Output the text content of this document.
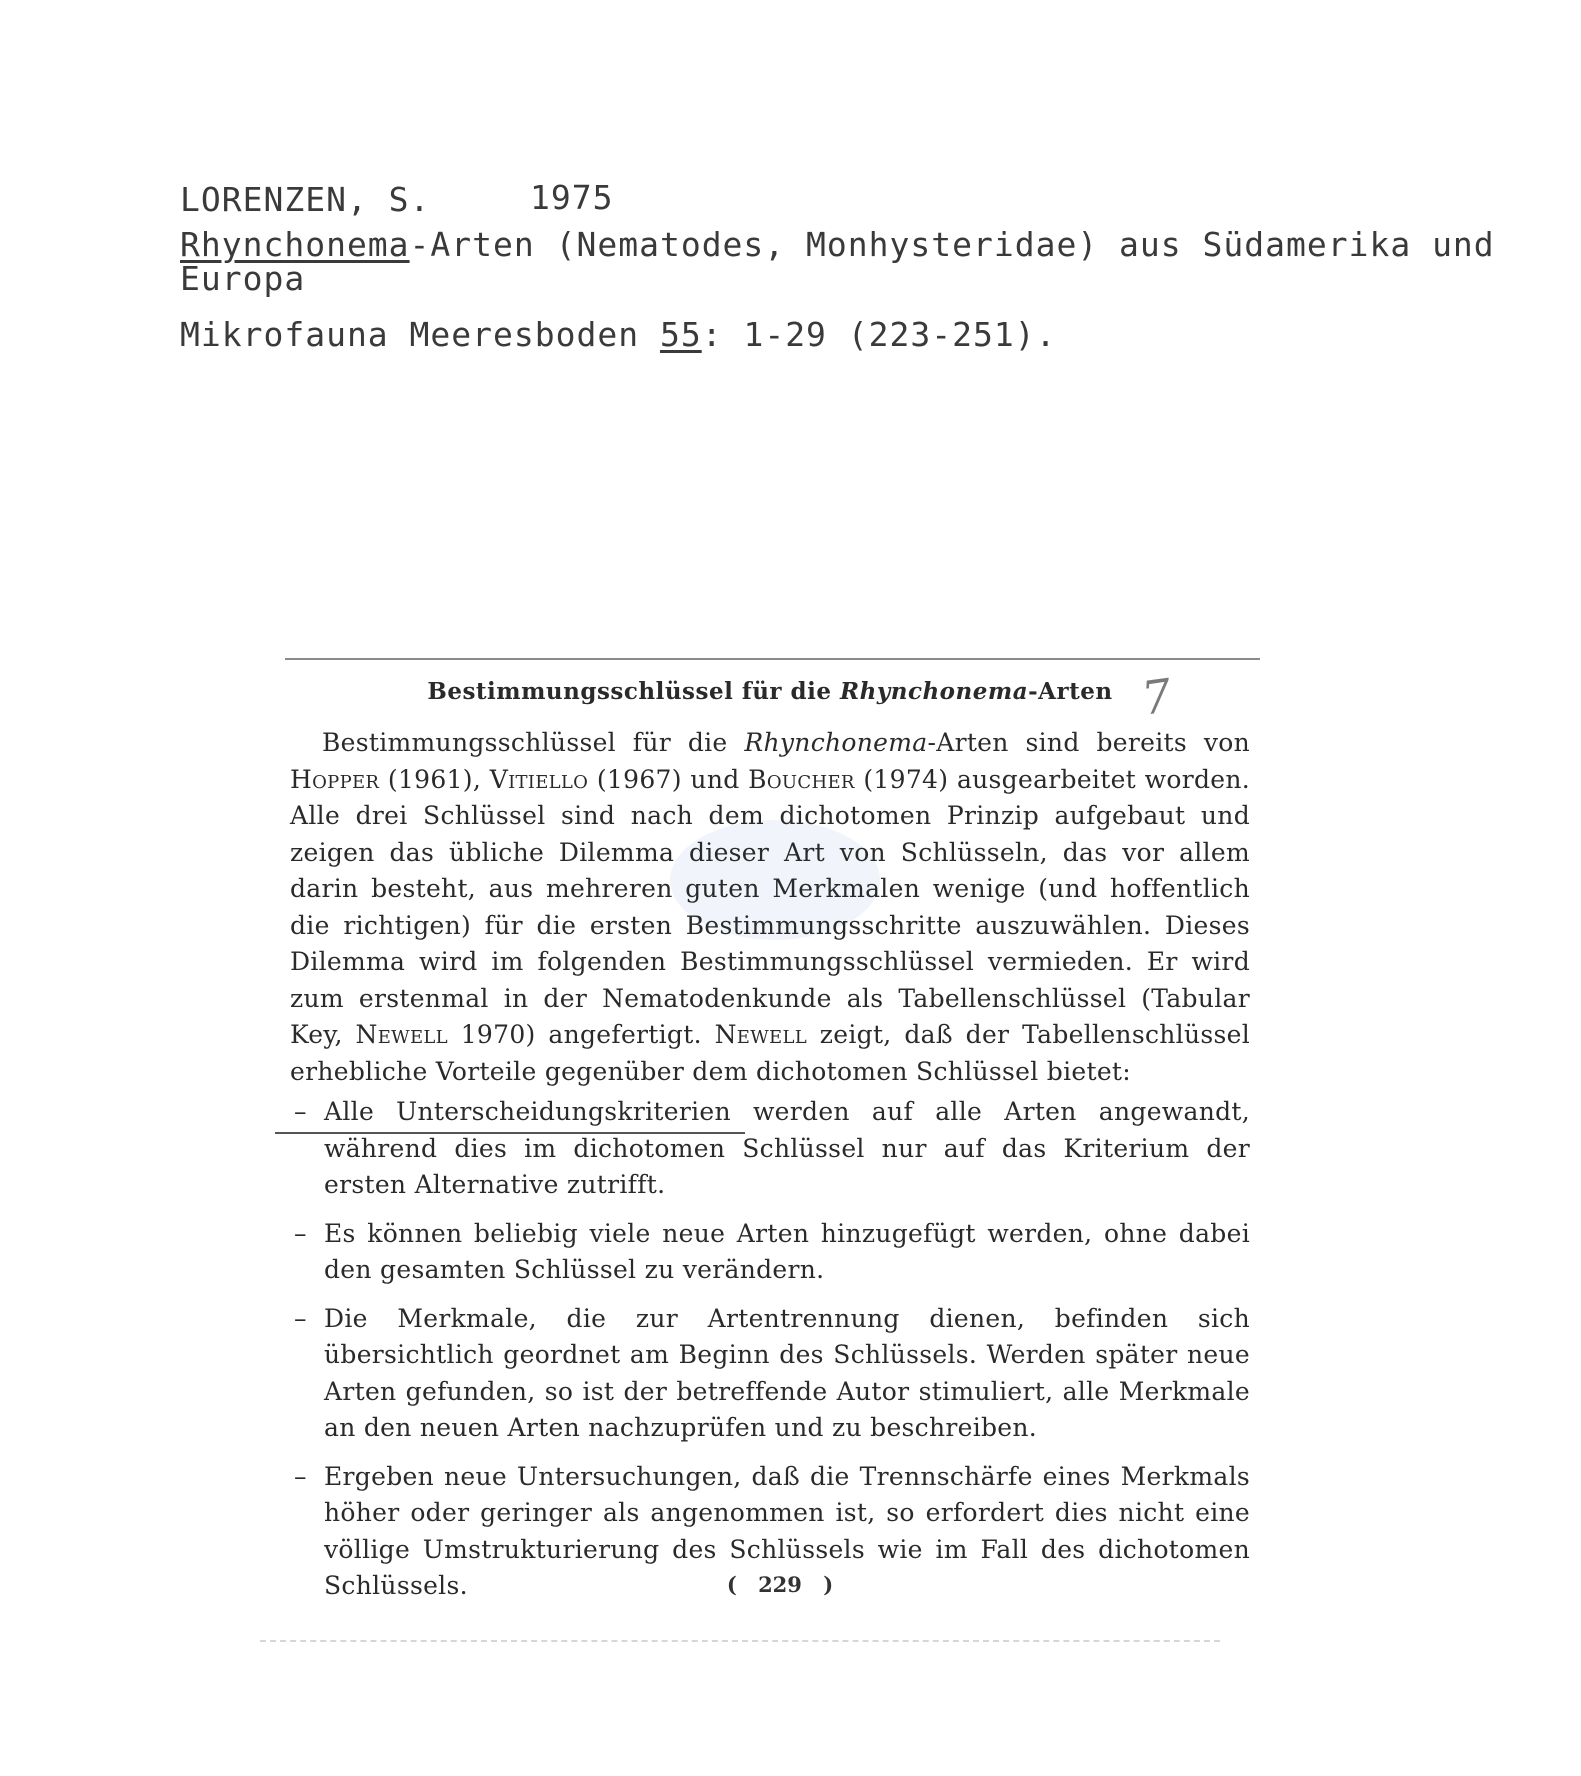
LORENZEN, S.	1975
Rhynchonema-Arten (Nematodes, Monhysteridae) aus Südamerika und Europa
Mikrofauna Meeresboden 55: 1-29 (223-251).
7
Bestimmungsschlüssel für die Rhynchonema-Arten

Bestimmungsschlüssel für die Rhynchonema-Arten sind bereits von Hopper (1961), Vitiello (1967) und Boucher (1974) ausgearbeitet worden. Alle drei Schlüssel sind nach dem dichotomen Prinzip aufgebaut und zeigen das übliche Dilemma dieser Art von Schlüsseln, das vor allem darin besteht, aus mehreren guten Merkmalen wenige (und hoffentlich die richtigen) für die ersten Bestimmungsschritte auszuwählen. Dieses Dilemma wird im folgenden Bestimmungsschlüssel vermieden. Er wird zum erstenmal in der Nematodenkunde als Tabellenschlüssel (Tabular Key, Newell 1970) angefertigt. Newell zeigt, daß der Tabellenschlüssel erhebliche Vorteile gegenüber dem dichotomen Schlüssel bietet:

– Alle Unterscheidungskriterien werden auf alle Arten angewandt, während dies im dichotomen Schlüssel nur auf das Kriterium der ersten Alternative zutrifft.
– Es können beliebig viele neue Arten hinzugefügt werden, ohne dabei den gesamten Schlüssel zu verändern.
– Die Merkmale, die zur Artentrennung dienen, befinden sich übersichtlich geordnet am Beginn des Schlüssels. Werden später neue Arten gefunden, so ist der betreffende Autor stimuliert, alle Merkmale an den neuen Arten nachzuprüfen und zu beschreiben.
– Ergeben neue Untersuchungen, daß die Trennschärfe eines Merkmals höher oder geringer als angenommen ist, so erfordert dies nicht eine völlige Umstrukturierung des Schlüssels wie im Fall des dichotomen Schlüssels.	( 229 )
